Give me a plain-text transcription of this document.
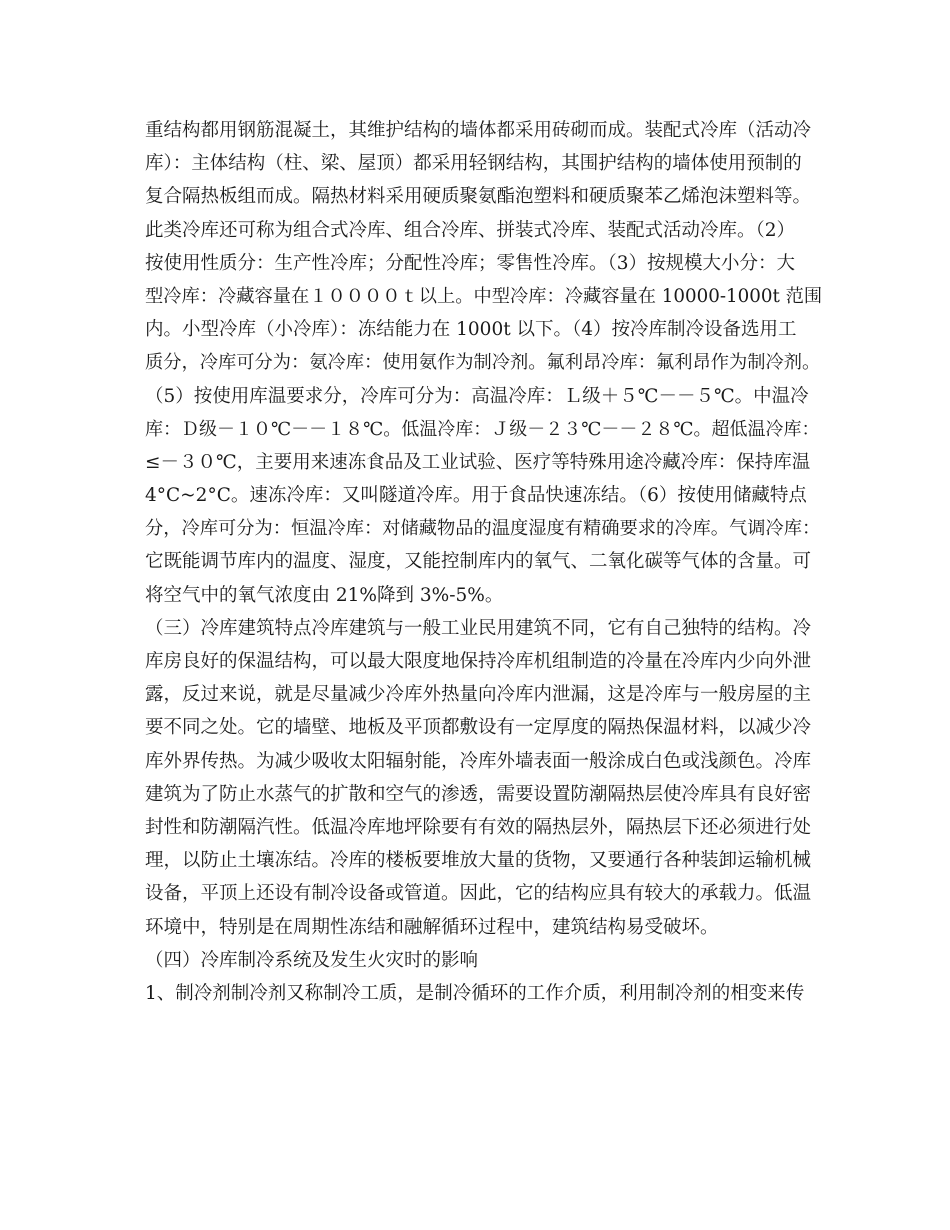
重结构都用钢筋混凝土，其维护结构的墙体都采用砖砌而成。装配式冷库（活动冷
库）：主体结构（柱、梁、屋顶）都采用轻钢结构，其围护结构的墙体使用预制的
复合隔热板组而成。隔热材料采用硬质聚氨酯泡塑料和硬质聚苯乙烯泡沫塑料等。
此类冷库还可称为组合式冷库、组合冷库、拼装式冷库、装配式活动冷库。（2）
按使用性质分：生产性冷库；分配性冷库；零售性冷库。（3）按规模大小分：大
型冷库：冷藏容量在１００００ｔ以上。中型冷库：冷藏容量在 10000-1000t 范围
内。小型冷库（小冷库）：冻结能力在 1000t 以下。（4）按冷库制冷设备选用工
质分，冷库可分为：氨冷库：使用氨作为制冷剂。氟利昂冷库：氟利昂作为制冷剂。
（5）按使用库温要求分，冷库可分为：高温冷库：Ｌ级＋５℃－－５℃。中温冷
库：Ｄ级－１０℃－－１８℃。低温冷库：Ｊ级－２３℃－－２８℃。超低温冷库：
≤－３０℃，主要用来速冻食品及工业试验、医疗等特殊用途冷藏冷库：保持库温
4°C~2°C。速冻冷库：又叫隧道冷库。用于食品快速冻结。（6）按使用储藏特点
分，冷库可分为：恒温冷库：对储藏物品的温度湿度有精确要求的冷库。气调冷库：
它既能调节库内的温度、湿度，又能控制库内的氧气、二氧化碳等气体的含量。可
将空气中的氧气浓度由 21%降到 3%-5%。
（三）冷库建筑特点冷库建筑与一般工业民用建筑不同，它有自己独特的结构。冷
库房良好的保温结构，可以最大限度地保持冷库机组制造的冷量在冷库内少向外泄
露，反过来说，就是尽量减少冷库外热量向冷库内泄漏，这是冷库与一般房屋的主
要不同之处。它的墙壁、地板及平顶都敷设有一定厚度的隔热保温材料，以减少冷
库外界传热。为减少吸收太阳辐射能，冷库外墙表面一般涂成白色或浅颜色。冷库
建筑为了防止水蒸气的扩散和空气的渗透，需要设置防潮隔热层使冷库具有良好密
封性和防潮隔汽性。低温冷库地坪除要有有效的隔热层外，隔热层下还必须进行处
理，以防止土壤冻结。冷库的楼板要堆放大量的货物，又要通行各种装卸运输机械
设备，平顶上还设有制冷设备或管道。因此，它的结构应具有较大的承载力。低温
环境中，特别是在周期性冻结和融解循环过程中，建筑结构易受破坏。
（四）冷库制冷系统及发生火灾时的影响
1、制冷剂制冷剂又称制冷工质，是制冷循环的工作介质，利用制冷剂的相变来传
